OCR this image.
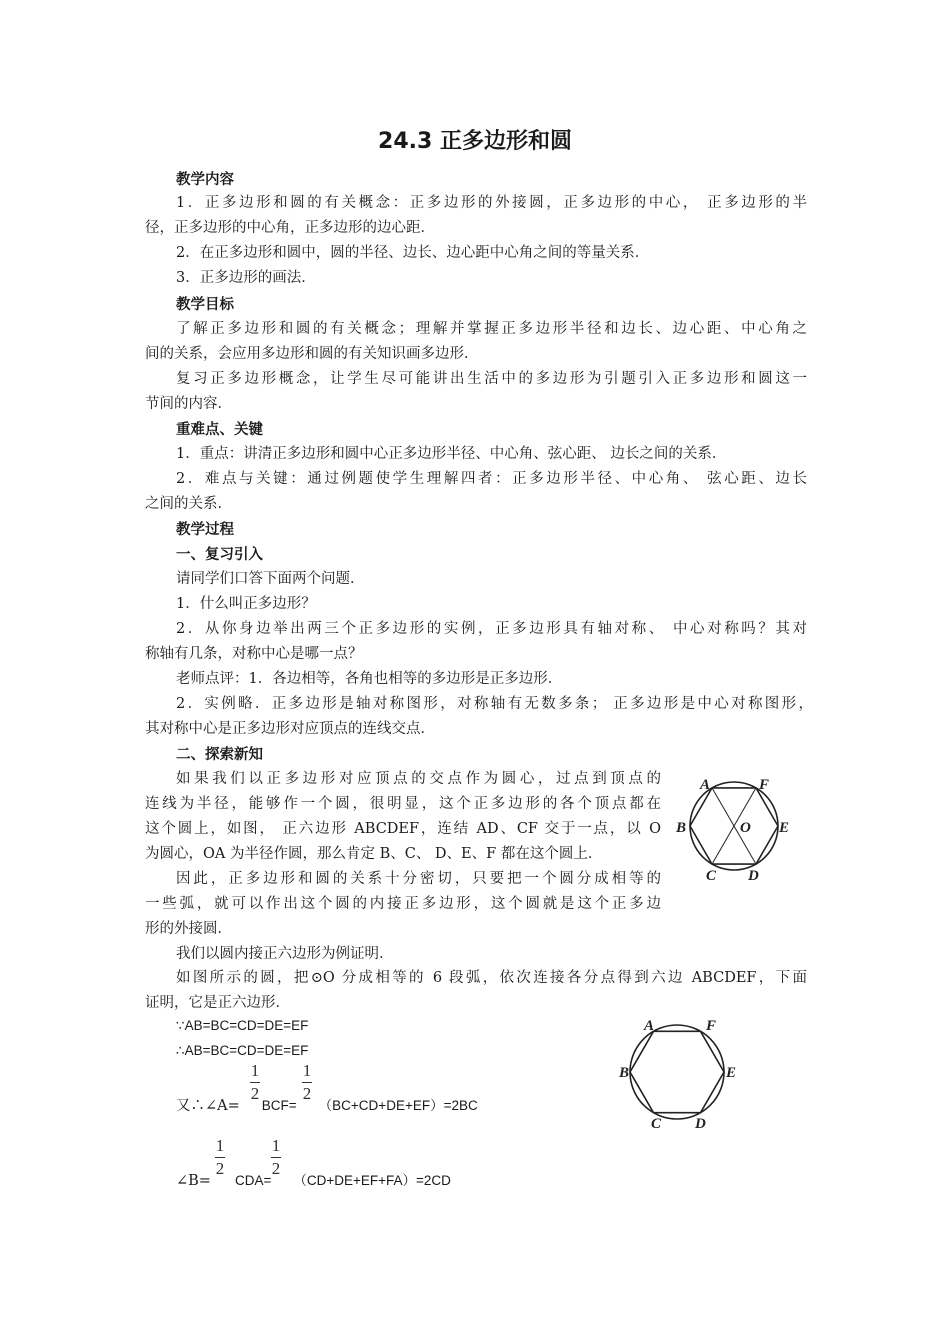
24.3 正多边形和圆
教学内容
1．正多边形和圆的有关概念：正多边形的外接圆，正多边形的中心， 正多边形的半
径，正多边形的中心角，正多边形的边心距．
2．在正多边形和圆中，圆的半径、边长、边心距中心角之间的等量关系．
3．正多边形的画法．
教学目标
了解正多边形和圆的有关概念；理解并掌握正多边形半径和边长、边心距、中心角之
间的关系，会应用多边形和圆的有关知识画多边形．
复习正多边形概念，让学生尽可能讲出生活中的多边形为引题引入正多边形和圆这一
节间的内容．
重难点、关键
1．重点：讲清正多边形和圆中心正多边形半径、中心角、弦心距、 边长之间的关系．
2．难点与关键：通过例题使学生理解四者：正多边形半径、中心角、 弦心距、边长
之间的关系．
教学过程
一、复习引入
请同学们口答下面两个问题．
1．什么叫正多边形？
2．从你身边举出两三个正多边形的实例，正多边形具有轴对称、 中心对称吗？其对
称轴有几条，对称中心是哪一点？
老师点评：1．各边相等，各角也相等的多边形是正多边形．
2．实例略．正多边形是轴对称图形，对称轴有无数多条； 正多边形是中心对称图形，
其对称中心是正多边形对应顶点的连线交点．
二、探索新知
如果我们以正多边形对应顶点的交点作为圆心，过点到顶点的
连线为半径，能够作一个圆，很明显，这个正多边形的各个顶点都在
这个圆上，如图， 正六边形 ABCDEF，连结 AD、CF 交于一点，以 O
为圆心，OA 为半径作圆，那么肯定 B、C、 D、E、F 都在这个圆上．
因此，正多边形和圆的关系十分密切，只要把一个圆分成相等的
一些弧，就可以作出这个圆的内接正多边形，这个圆就是这个正多边
形的外接圆．
我们以圆内接正六边形为例证明．
如图所示的圆，把⊙O 分成相等的 6 段弧，依次连接各分点得到六边 ABCDEF，下面
证明，它是正六边形．
∵AB=BC=CD=DE=EF
∴AB=BC=CD=DE=EF
又∴∠A= BCF= （BC+CD+DE+EF）=2BC
1
2
1
2
∠B= CDA= （CD+DE+EF+FA）=2CD
1
2
1
2
A	F
B	O E
C D
A	F
B	E
C D
